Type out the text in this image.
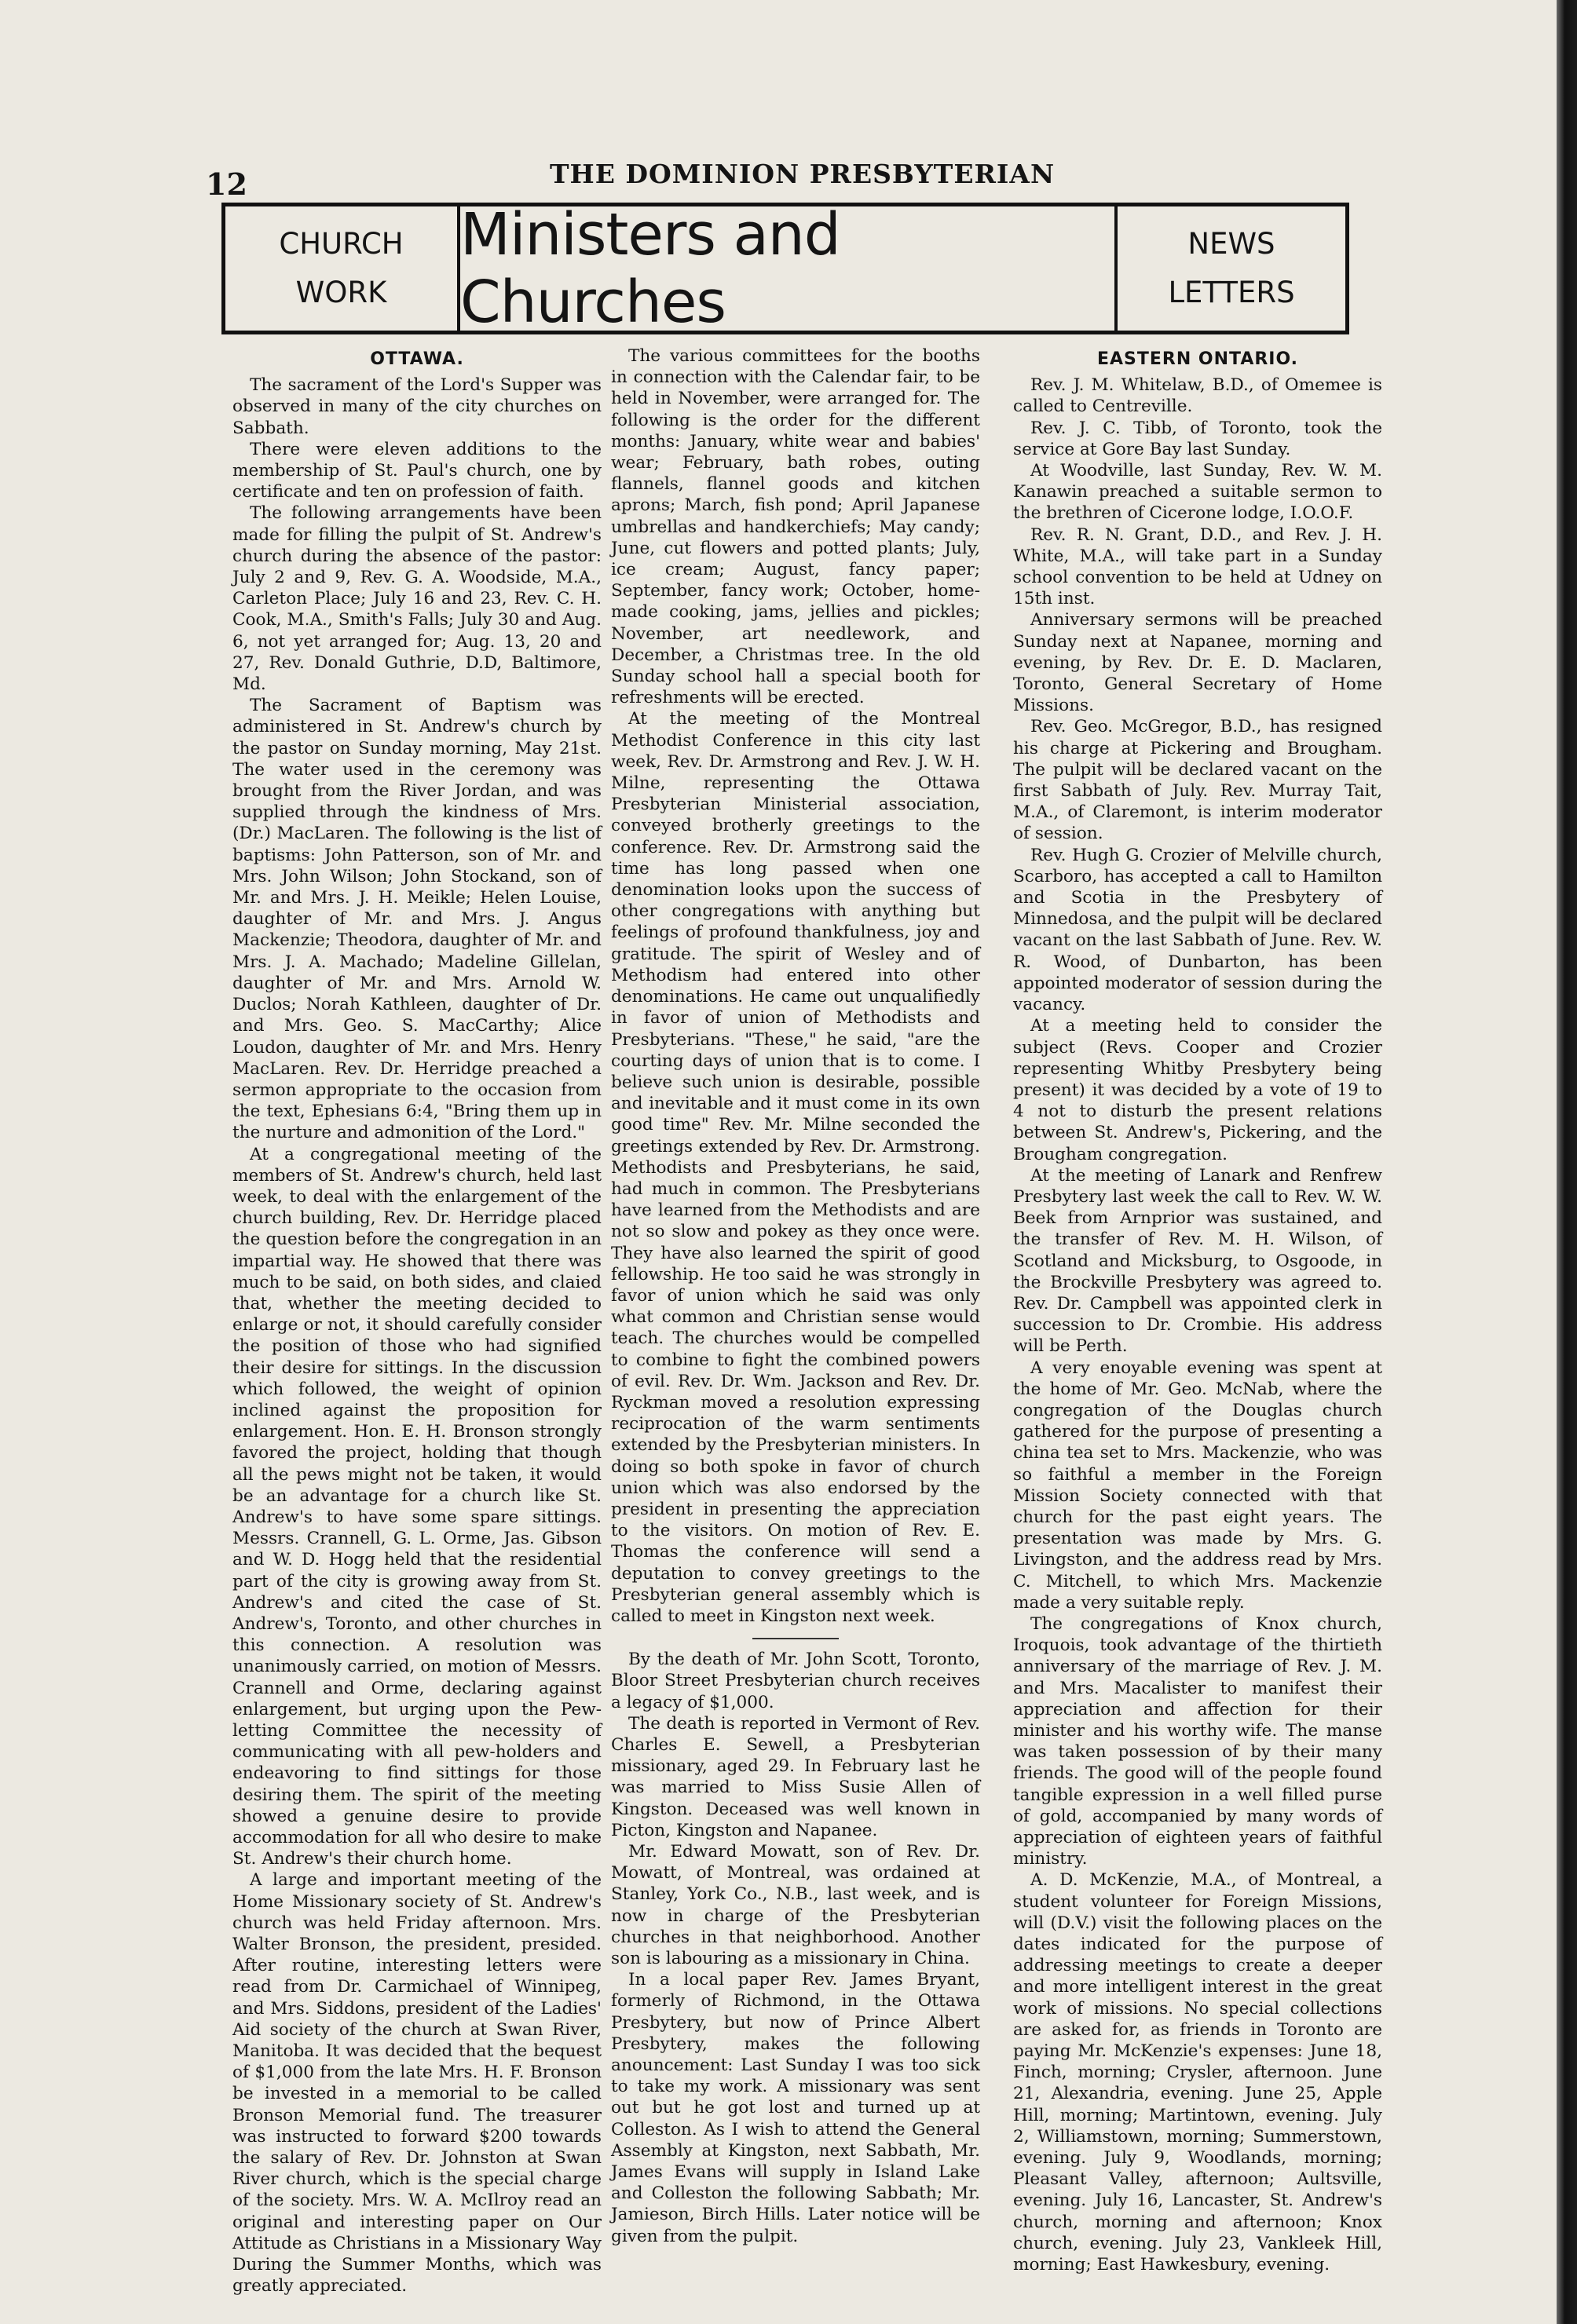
12	THE DOMINION PRESBYTERIAN
CHURCH
WORK
Ministers and Churches
NEWS
LETTERS
OTTAWA.

The sacrament of the Lord's Supper was observed in many of the city churches on Sabbath.

There were eleven additions to the membership of St. Paul's church, one by certificate and ten on profession of faith.

The following arrangements have been made for filling the pulpit of St. Andrew's church during the absence of the pastor: July 2 and 9, Rev. G. A. Woodside, M.A., Carleton Place; July 16 and 23, Rev. C. H. Cook, M.A., Smith's Falls; July 30 and Aug. 6, not yet arranged for; Aug. 13, 20 and 27, Rev. Donald Guthrie, D.D, Baltimore, Md.

The Sacrament of Baptism was administered in St. Andrew's church by the pastor on Sunday morning, May 21st. The water used in the ceremony was brought from the River Jordan, and was supplied through the kindness of Mrs. (Dr.) MacLaren. The following is the list of baptisms: John Patterson, son of Mr. and Mrs. John Wilson; John Stockand, son of Mr. and Mrs. J. H. Meikle; Helen Louise, daughter of Mr. and Mrs. J. Angus Mackenzie; Theodora, daughter of Mr. and Mrs. J. A. Machado; Madeline Gillelan, daughter of Mr. and Mrs. Arnold W. Duclos; Norah Kathleen, daughter of Dr. and Mrs. Geo. S. MacCarthy; Alice Loudon, daughter of Mr. and Mrs. Henry MacLaren. Rev. Dr. Herridge preached a sermon appropriate to the occasion from the text, Ephesians 6:4, "Bring them up in the nurture and admonition of the Lord."

At a congregational meeting of the members of St. Andrew's church, held last week, to deal with the enlargement of the church building, Rev. Dr. Herridge placed the question before the congregation in an impartial way. He showed that there was much to be said, on both sides, and claied that, whether the meeting decided to enlarge or not, it should carefully consider the position of those who had signified their desire for sittings. In the discussion which followed, the weight of opinion inclined against the proposition for enlargement. Hon. E. H. Bronson strongly favored the project, holding that though all the pews might not be taken, it would be an advantage for a church like St. Andrew's to have some spare sittings. Messrs. Crannell, G. L. Orme, Jas. Gibson and W. D. Hogg held that the residential part of the city is growing away from St. Andrew's and cited the case of St. Andrew's, Toronto, and other churches in this connection. A resolution was unanimously carried, on motion of Messrs. Crannell and Orme, declaring against enlargement, but urging upon the Pew-letting Committee the necessity of communicating with all pew-holders and endeavoring to find sittings for those desiring them. The spirit of the meeting showed a genuine desire to provide accommodation for all who desire to make St. Andrew's their church home.

A large and important meeting of the Home Missionary society of St. Andrew's church was held Friday afternoon. Mrs. Walter Bronson, the president, presided. After routine, interesting letters were read from Dr. Carmichael of Winnipeg, and Mrs. Siddons, president of the Ladies' Aid society of the church at Swan River, Manitoba. It was decided that the bequest of $1,000 from the late Mrs. H. F. Bronson be invested in a memorial to be called Bronson Memorial fund. The treasurer was instructed to forward $200 towards the salary of Rev. Dr. Johnston at Swan River church, which is the special charge of the society. Mrs. W. A. McIlroy read an original and interesting paper on Our Attitude as Christians in a Missionary Way During the Summer Months, which was greatly appreciated.

The various committees for the booths in connection with the Calendar fair, to be held in November, were arranged for. The following is the order for the different months: January, white wear and babies' wear; February, bath robes, outing flannels, flannel goods and kitchen aprons; March, fish pond; April Japanese umbrellas and handkerchiefs; May candy; June, cut flowers and potted plants; July, ice cream; August, fancy paper; September, fancy work; October, home-made cooking, jams, jellies and pickles; November, art needlework, and December, a Christmas tree. In the old Sunday school hall a special booth for refreshments will be erected.

At the meeting of the Montreal Methodist Conference in this city last week, Rev. Dr. Armstrong and Rev. J. W. H. Milne, representing the Ottawa Presbyterian Ministerial association, conveyed brotherly greetings to the conference. Rev. Dr. Armstrong said the time has long passed when one denomination looks upon the success of other congregations with anything but feelings of profound thankfulness, joy and gratitude. The spirit of Wesley and of Methodism had entered into other denominations. He came out unqualifiedly in favor of union of Methodists and Presbyterians. "These," he said, "are the courting days of union that is to come. I believe such union is desirable, possible and inevitable and it must come in its own good time" Rev. Mr. Milne seconded the greetings extended by Rev. Dr. Armstrong. Methodists and Presbyterians, he said, had much in common. The Presbyterians have learned from the Methodists and are not so slow and pokey as they once were. They have also learned the spirit of good fellowship. He too said he was strongly in favor of union which he said was only what common and Christian sense would teach. The churches would be compelled to combine to fight the combined powers of evil. Rev. Dr. Wm. Jackson and Rev. Dr. Ryckman moved a resolution expressing reciprocation of the warm sentiments extended by the Presbyterian ministers. In doing so both spoke in favor of church union which was also endorsed by the president in presenting the appreciation to the visitors. On motion of Rev. E. Thomas the conference will send a deputation to convey greetings to the Presbyterian general assembly which is called to meet in Kingston next week.

By the death of Mr. John Scott, Toronto, Bloor Street Presbyterian church receives a legacy of $1,000.

The death is reported in Vermont of Rev. Charles E. Sewell, a Presbyterian missionary, aged 29. In February last he was married to Miss Susie Allen of Kingston. Deceased was well known in Picton, Kingston and Napanee.

Mr. Edward Mowatt, son of Rev. Dr. Mowatt, of Montreal, was ordained at Stanley, York Co., N.B., last week, and is now in charge of the Presbyterian churches in that neighborhood. Another son is labouring as a missionary in China.

In a local paper Rev. James Bryant, formerly of Richmond, in the Ottawa Presbytery, but now of Prince Albert Presbytery, makes the following anouncement: Last Sunday I was too sick to take my work. A missionary was sent out but he got lost and turned up at Colleston. As I wish to attend the General Assembly at Kingston, next Sabbath, Mr. James Evans will supply in Island Lake and Colleston the following Sabbath; Mr. Jamieson, Birch Hills. Later notice will be given from the pulpit.

EASTERN ONTARIO.

Rev. J. M. Whitelaw, B.D., of Omemee is called to Centreville.

Rev. J. C. Tibb, of Toronto, took the service at Gore Bay last Sunday.

At Woodville, last Sunday, Rev. W. M. Kanawin preached a suitable sermon to the brethren of Cicerone lodge, I.O.O.F.

Rev. R. N. Grant, D.D., and Rev. J. H. White, M.A., will take part in a Sunday school convention to be held at Udney on 15th inst.

Anniversary sermons will be preached Sunday next at Napanee, morning and evening, by Rev. Dr. E. D. Maclaren, Toronto, General Secretary of Home Missions.

Rev. Geo. McGregor, B.D., has resigned his charge at Pickering and Brougham. The pulpit will be declared vacant on the first Sabbath of July. Rev. Murray Tait, M.A., of Claremont, is interim moderator of session.

Rev. Hugh G. Crozier of Melville church, Scarboro, has accepted a call to Hamilton and Scotia in the Presbytery of Minnedosa, and the pulpit will be declared vacant on the last Sabbath of June. Rev. W. R. Wood, of Dunbarton, has been appointed moderator of session during the vacancy.

At a meeting held to consider the subject (Revs. Cooper and Crozier representing Whitby Presbytery being present) it was decided by a vote of 19 to 4 not to disturb the present relations between St. Andrew's, Pickering, and the Brougham congregation.

At the meeting of Lanark and Renfrew Presbytery last week the call to Rev. W. W. Beek from Arnprior was sustained, and the transfer of Rev. M. H. Wilson, of Scotland and Micksburg, to Osgoode, in the Brockville Presbytery was agreed to. Rev. Dr. Campbell was appointed clerk in succession to Dr. Crombie. His address will be Perth.

A very enoyable evening was spent at the home of Mr. Geo. McNab, where the congregation of the Douglas church gathered for the purpose of presenting a china tea set to Mrs. Mackenzie, who was so faithful a member in the Foreign Mission Society connected with that church for the past eight years. The presentation was made by Mrs. G. Livingston, and the address read by Mrs. C. Mitchell, to which Mrs. Mackenzie made a very suitable reply.

The congregations of Knox church, Iroquois, took advantage of the thirtieth anniversary of the marriage of Rev. J. M. and Mrs. Macalister to manifest their appreciation and affection for their minister and his worthy wife. The manse was taken possession of by their many friends. The good will of the people found tangible expression in a well filled purse of gold, accompanied by many words of appreciation of eighteen years of faithful ministry.

A. D. McKenzie, M.A., of Montreal, a student volunteer for Foreign Missions, will (D.V.) visit the following places on the dates indicated for the purpose of addressing meetings to create a deeper and more intelligent interest in the great work of missions. No special collections are asked for, as friends in Toronto are paying Mr. McKenzie's expenses: June 18, Finch, morning; Crysler, afternoon. June 21, Alexandria, evening. June 25, Apple Hill, morning; Martintown, evening. July 2, Williamstown, morning; Summerstown, evening. July 9, Woodlands, morning; Pleasant Valley, afternoon; Aultsville, evening. July 16, Lancaster, St. Andrew's church, morning and afternoon; Knox church, evening. July 23, Vankleek Hill, morning; East Hawkesbury, evening.
